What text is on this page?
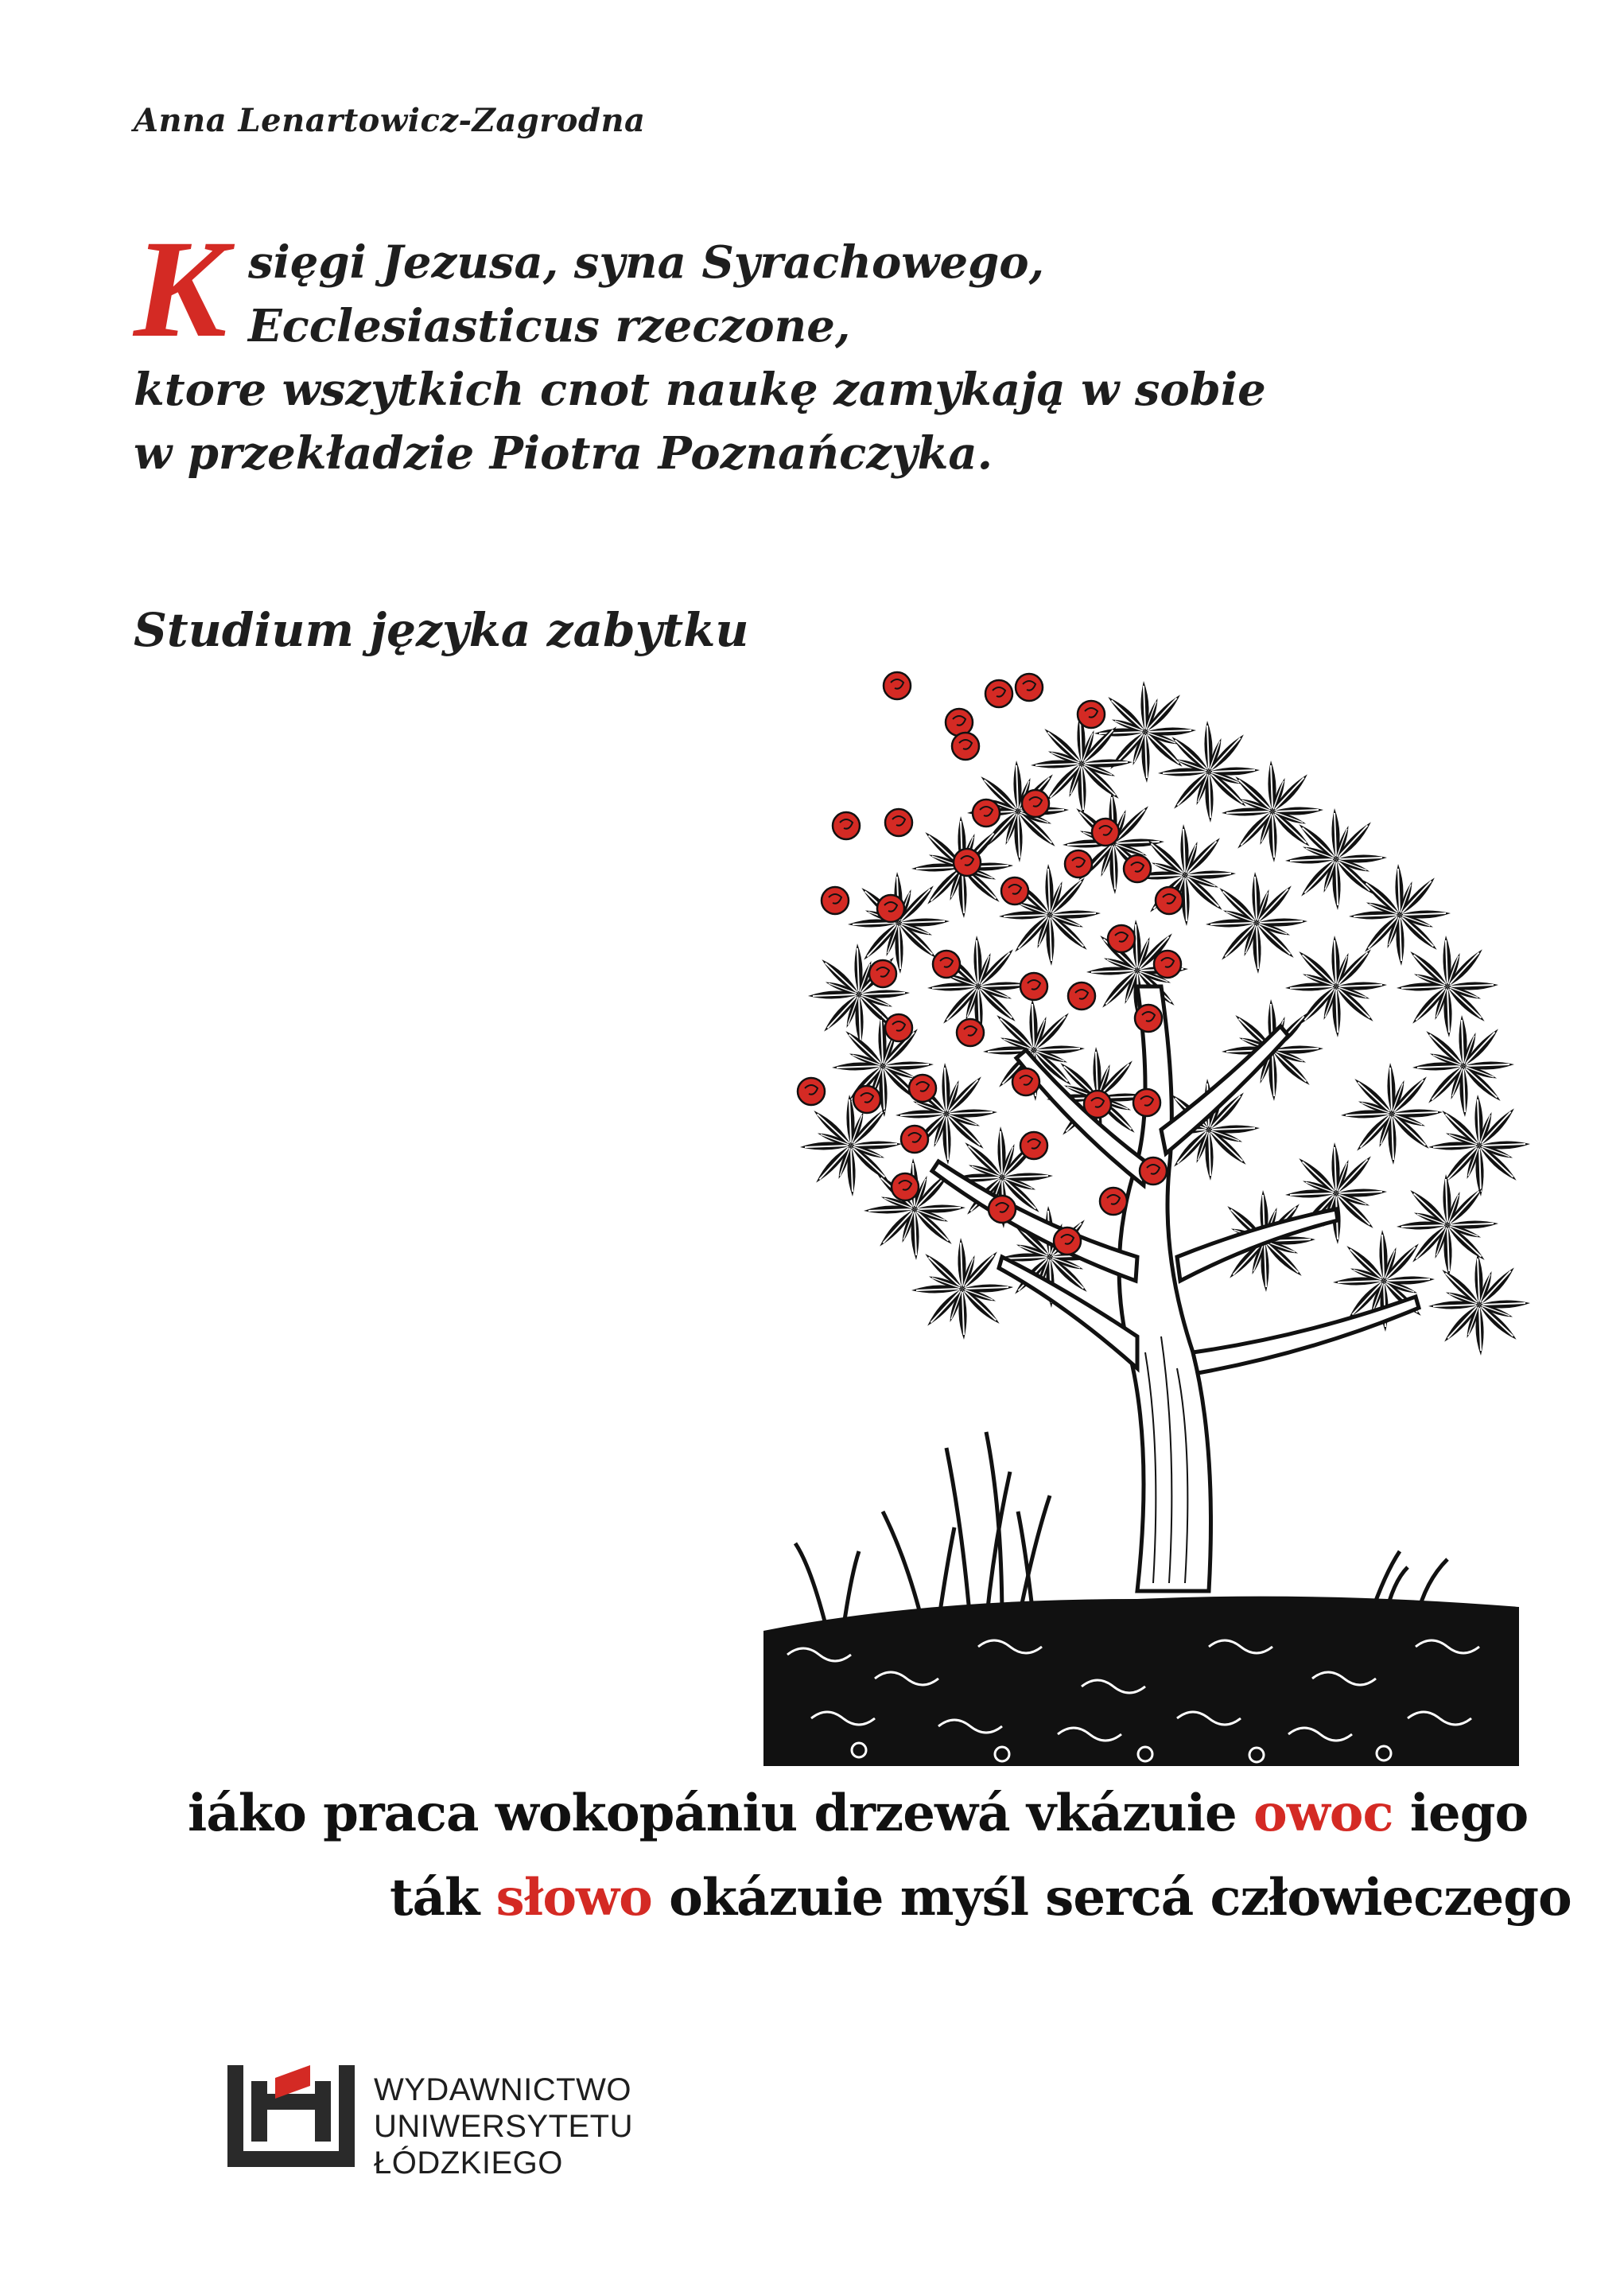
Anna Lenartowicz-Zagrodna
K sięgi Jezusa, syna Syrachowego,
Ecclesiasticus rzeczone,
ktore wszytkich cnot naukę zamykają w sobie
w przekładzie Piotra Poznańczyka.
Studium języka zabytku
iáko praca wokopániu drzewá vkázuie owoc iego
ták słowo okázuie myśl sercá człowieczego
WYDAWNICTWO
UNIWERSYTETU
ŁÓDZKIEGO
